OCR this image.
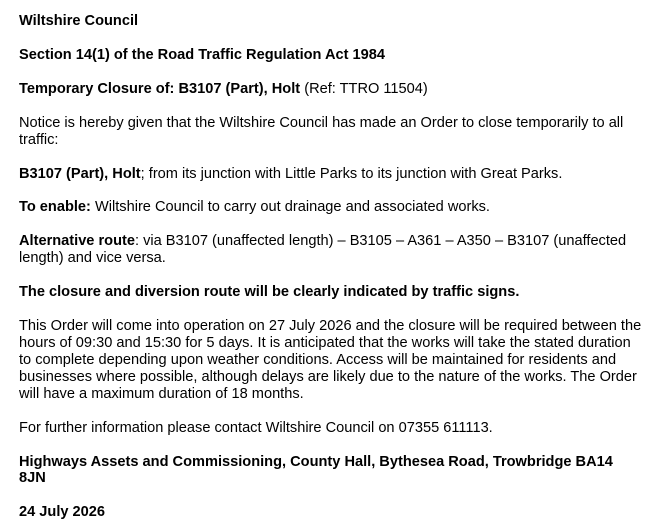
Wiltshire Council

Section 14(1) of the Road Traffic Regulation Act 1984

Temporary Closure of: B3107 (Part), Holt (Ref: TTRO 11504)

Notice is hereby given that the Wiltshire Council has made an Order to close temporarily to all traffic:

B3107 (Part), Holt; from its junction with Little Parks to its junction with Great Parks.

To enable: Wiltshire Council to carry out drainage and associated works.

Alternative route: via B3107 (unaffected length) – B3105 – A361 – A350 – B3107 (unaffected length) and vice versa.

The closure and diversion route will be clearly indicated by traffic signs.

This Order will come into operation on 27 July 2026 and the closure will be required between the hours of 09:30 and 15:30 for 5 days. It is anticipated that the works will take the stated duration to complete depending upon weather conditions. Access will be maintained for residents and businesses where possible, although delays are likely due to the nature of the works. The Order will have a maximum duration of 18 months.

For further information please contact Wiltshire Council on 07355 611113.

Highways Assets and Commissioning, County Hall, Bythesea Road, Trowbridge BA14 8JN

24 July 2026
